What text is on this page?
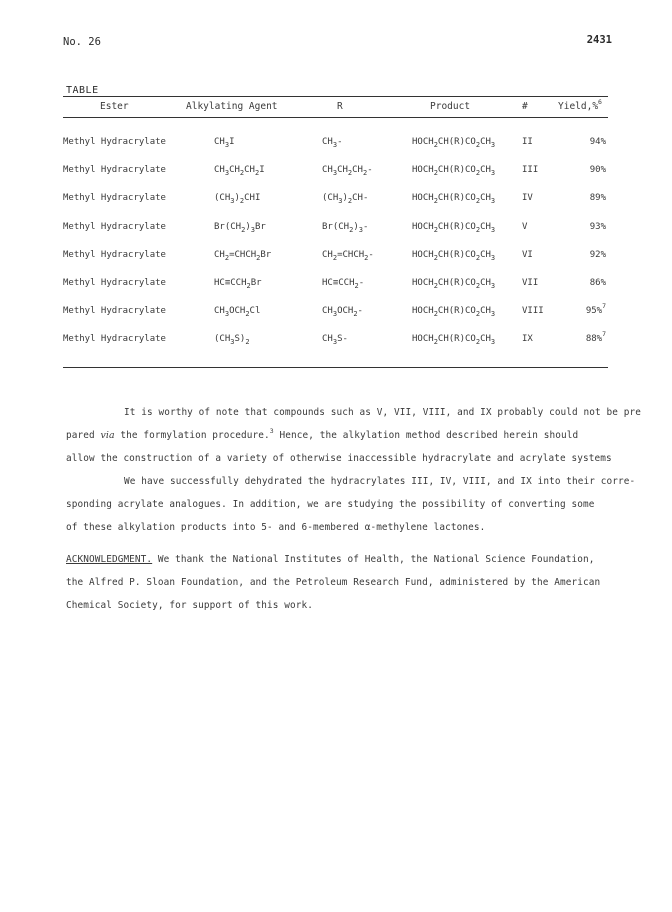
No. 26	2431
TABLE
Ester	Alkylating Agent	R	Product	#	Yield,%$^6$
Methyl Hydracrylate	$CH_3I$	$CH_3-$	$HOCH_2CH(R)CO_2CH_3$	II	94%
Methyl Hydracrylate	$CH_3CH_2CH_2I$	$CH_3CH_2CH_2-$	$HOCH_2CH(R)CO_2CH_3$	III	90%
Methyl Hydracrylate	$(CH_3)_2CHI$	$(CH_3)_2CH-$	$HOCH_2CH(R)CO_2CH_3$	IV	89%
Methyl Hydracrylate	$Br(CH_2)_3Br$	$Br(CH_2)_3-$	$HOCH_2CH(R)CO_2CH_3$	V	93%
Methyl Hydracrylate	$CH_2=CHCH_2Br$	$CH_2=CHCH_2-$	$HOCH_2CH(R)CO_2CH_3$	VI	92%
Methyl Hydracrylate	$HC\equiv CCH_2Br$	$HC\equiv CCH_2-$	$HOCH_2CH(R)CO_2CH_3$	VII	86%
Methyl Hydracrylate	$CH_3OCH_2Cl$	$CH_3OCH_2-$	$HOCH_2CH(R)CO_2CH_3$	VIII	95%$^7$
Methyl Hydracrylate	$(CH_3S)_2$	$CH_3S-$	$HOCH_2CH(R)CO_2CH_3$	IX	88%$^7$
It is worthy of note that compounds such as V, VII, VIII, and IX probably could not be pre
pared via the formylation procedure.$^3$ Hence, the alkylation method described herein should
allow the construction of a variety of otherwise inaccessible hydracrylate and acrylate systems
We have successfully dehydrated the hydracrylates III, IV, VIII, and IX into their corre-
sponding acrylate analogues. In addition, we are studying the possibility of converting some
of these alkylation products into 5- and 6-membered α-methylene lactones.
ACKNOWLEDGMENT. We thank the National Institutes of Health, the National Science Foundation,
the Alfred P. Sloan Foundation, and the Petroleum Research Fund, administered by the American
Chemical Society, for support of this work.
